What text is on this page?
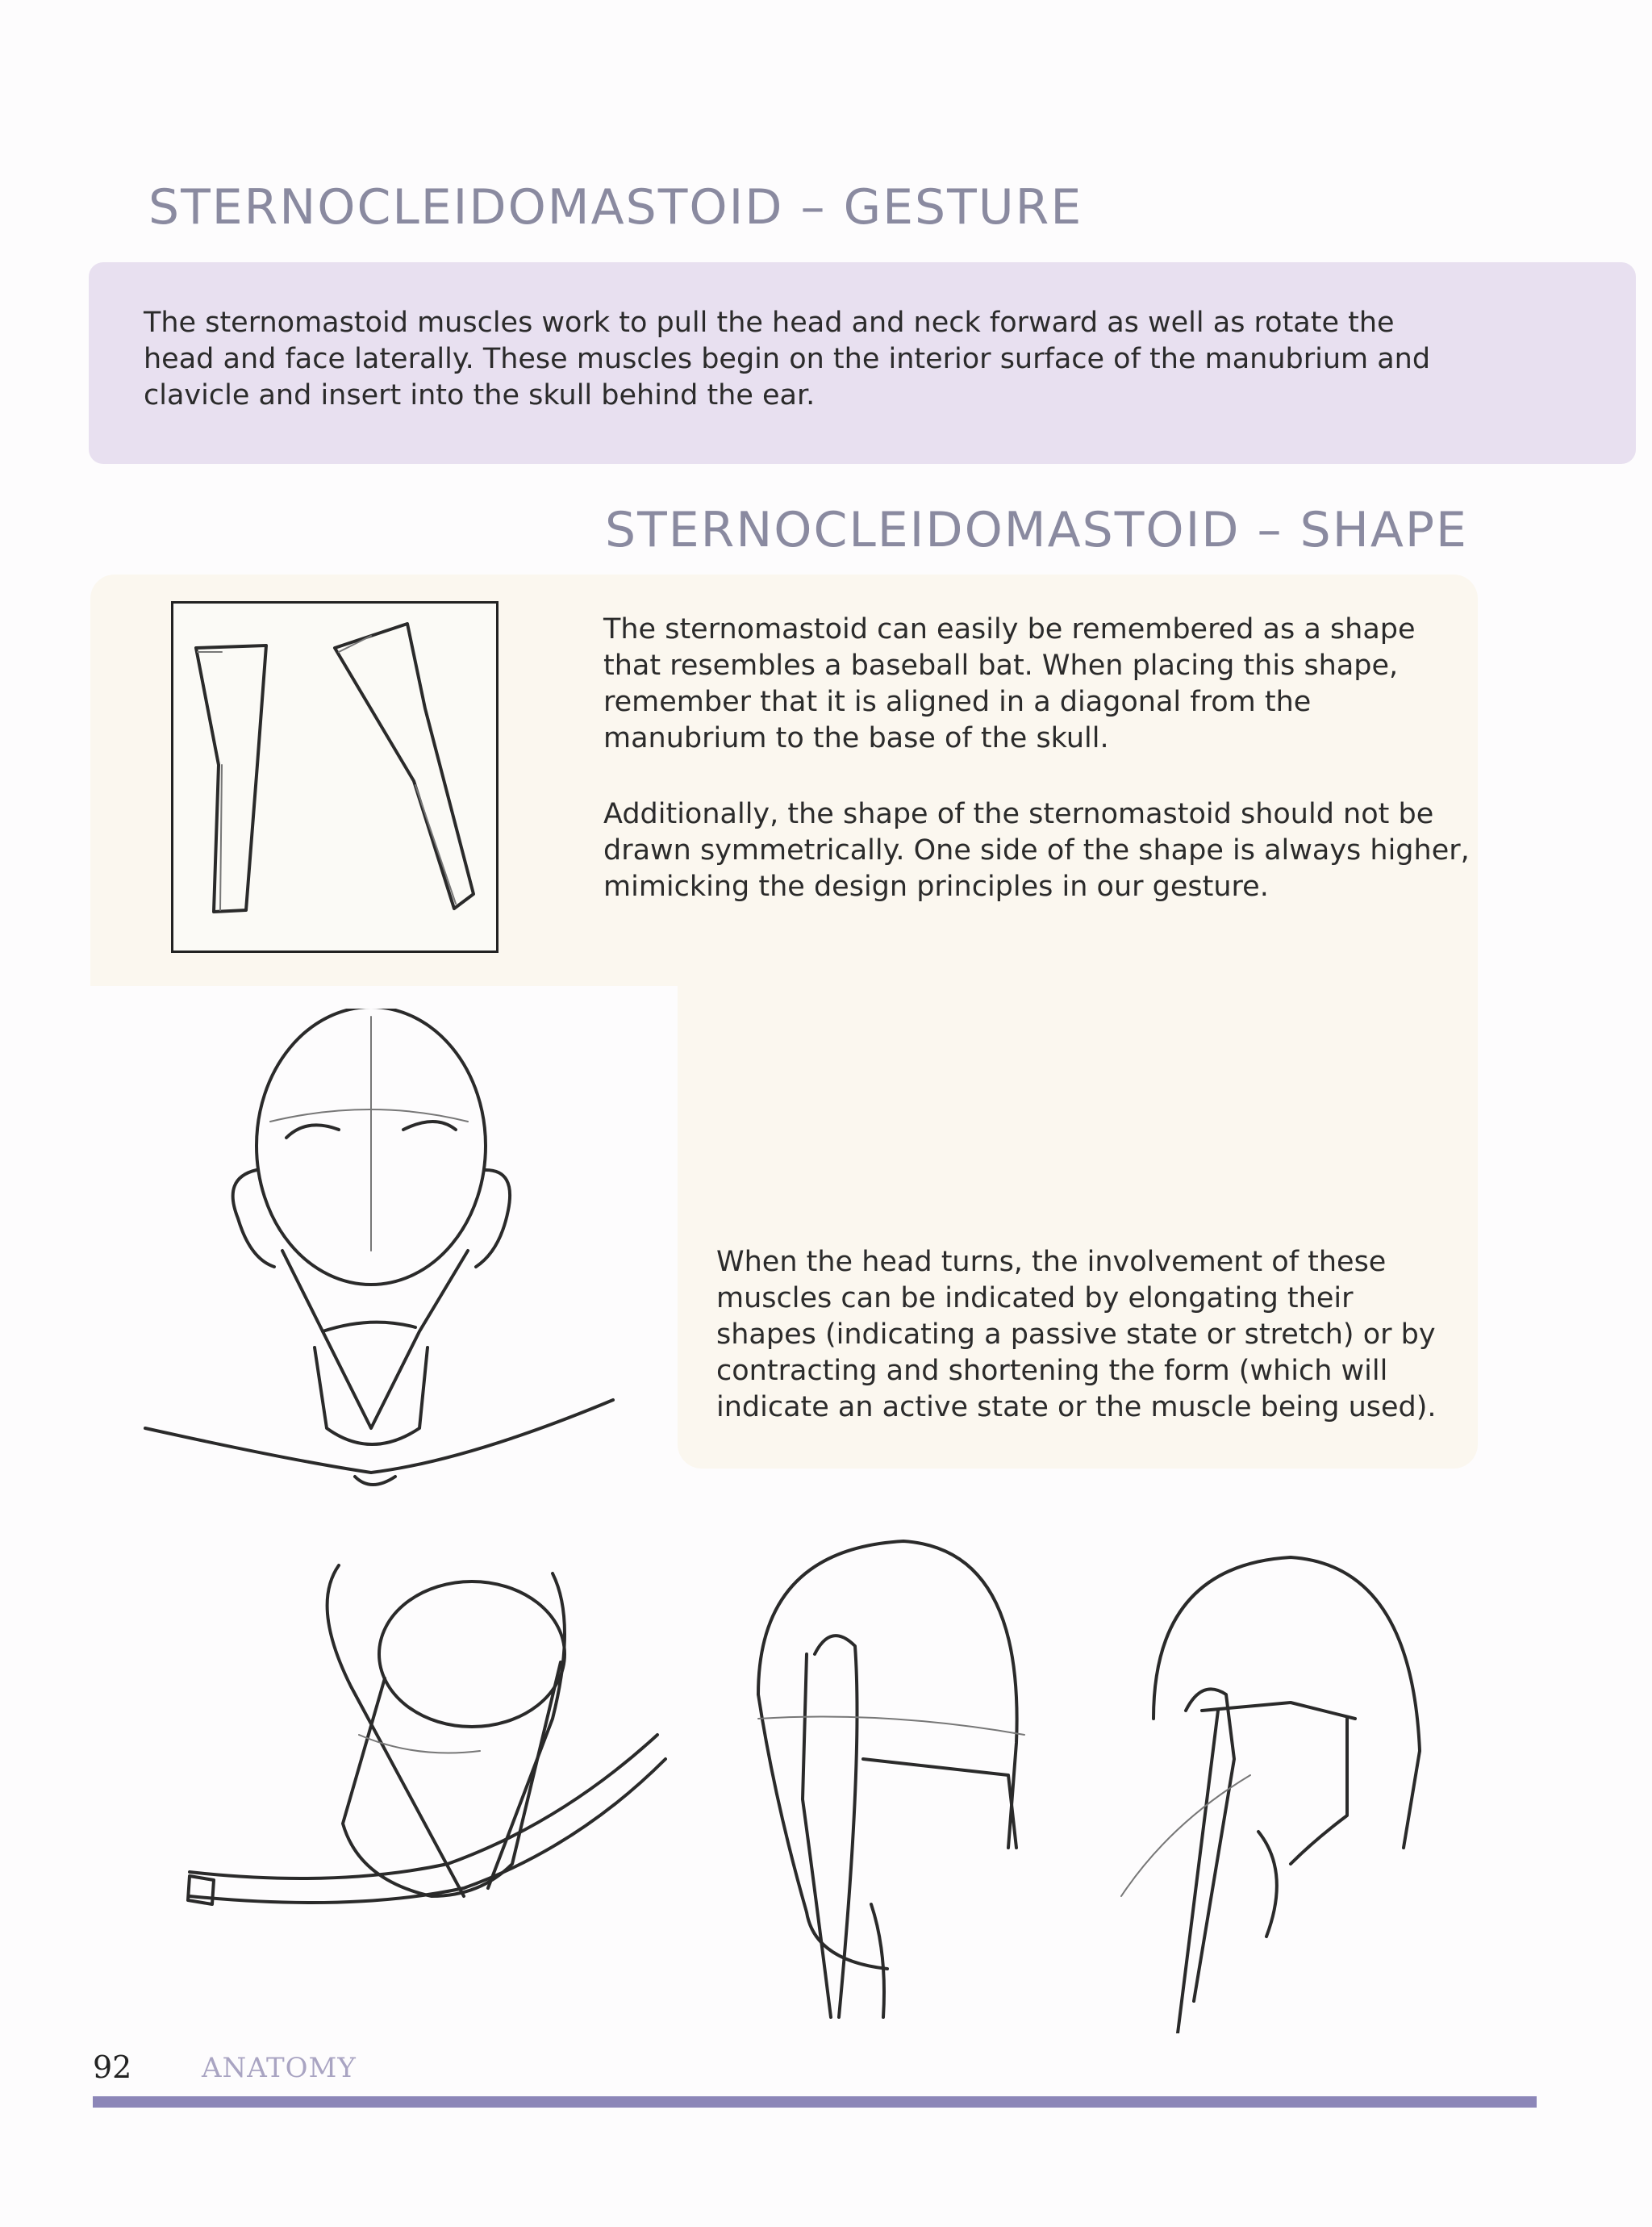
STERNOCLEIDOMASTOID – GESTURE

The sternomastoid muscles work to pull the head and neck forward as well as rotate the head and face laterally. These muscles begin on the interior surface of the manubrium and clavicle and insert into the skull behind the ear.

STERNOCLEIDOMASTOID – SHAPE

The sternomastoid can easily be remembered as a shape that resembles a baseball bat. When placing this shape, remember that it is aligned in a diagonal from the manubrium to the base of the skull.

Additionally, the shape of the sternomastoid should not be drawn symmetrically. One side of the shape is always higher, mimicking the design principles in our gesture.

When the head turns, the involvement of these muscles can be indicated by elongating their shapes (indicating a passive state or stretch) or by contracting and shortening the form (which will indicate an active state or the muscle being used).

92	ANATOMY
